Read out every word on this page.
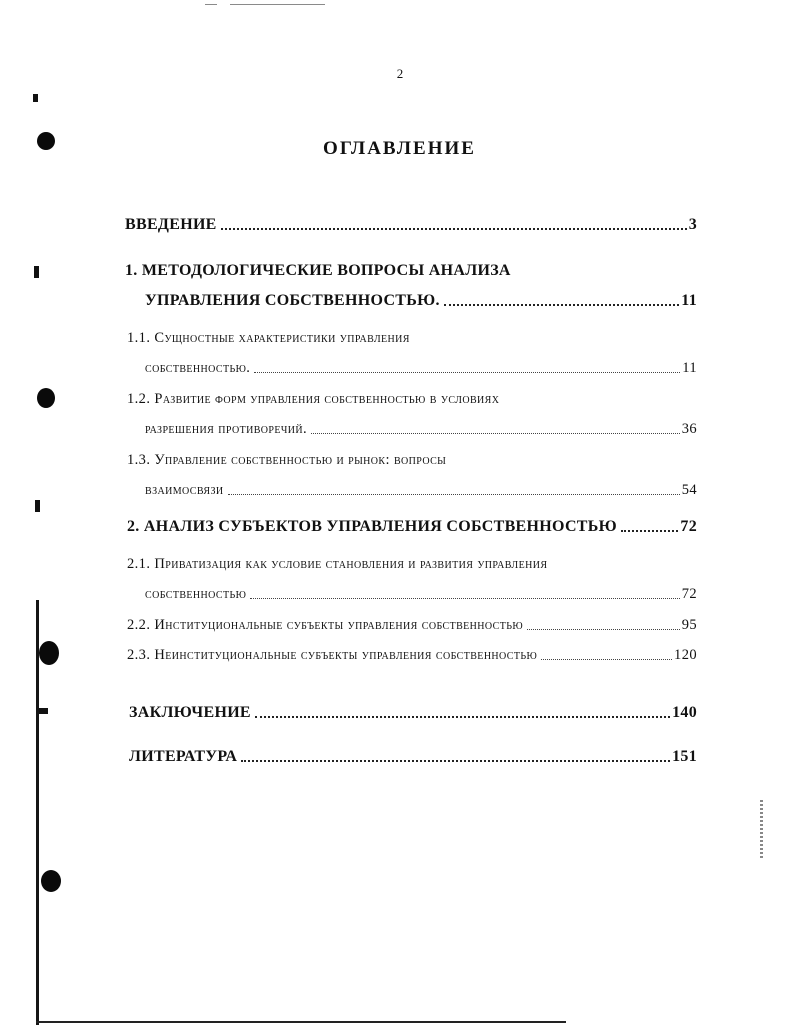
2
ОГЛАВЛЕНИЕ
ВВЕДЕНИЕ	3
1. МЕТОДОЛОГИЧЕСКИЕ ВОПРОСЫ АНАЛИЗА
УПРАВЛЕНИЯ СОБСТВЕННОСТЬЮ.	11
1.1. Сущностные характеристики управления
собственностью.	11
1.2. Развитие форм управления собственностью в условиях
разрешения противоречий.	36
1.3. Управление собственностью и рынок: вопросы
взаимосвязи	54
2. АНАЛИЗ СУБЪЕКТОВ УПРАВЛЕНИЯ СОБСТВЕННОСТЬЮ	72
2.1. Приватизация как условие становления и развития управления
собственностью	72
2.2. Институциональные субъекты управления собственностью	95
2.3. Неинституциональные субъекты управления собственностью	120
ЗАКЛЮЧЕНИЕ	140
ЛИТЕРАТУРА	151
